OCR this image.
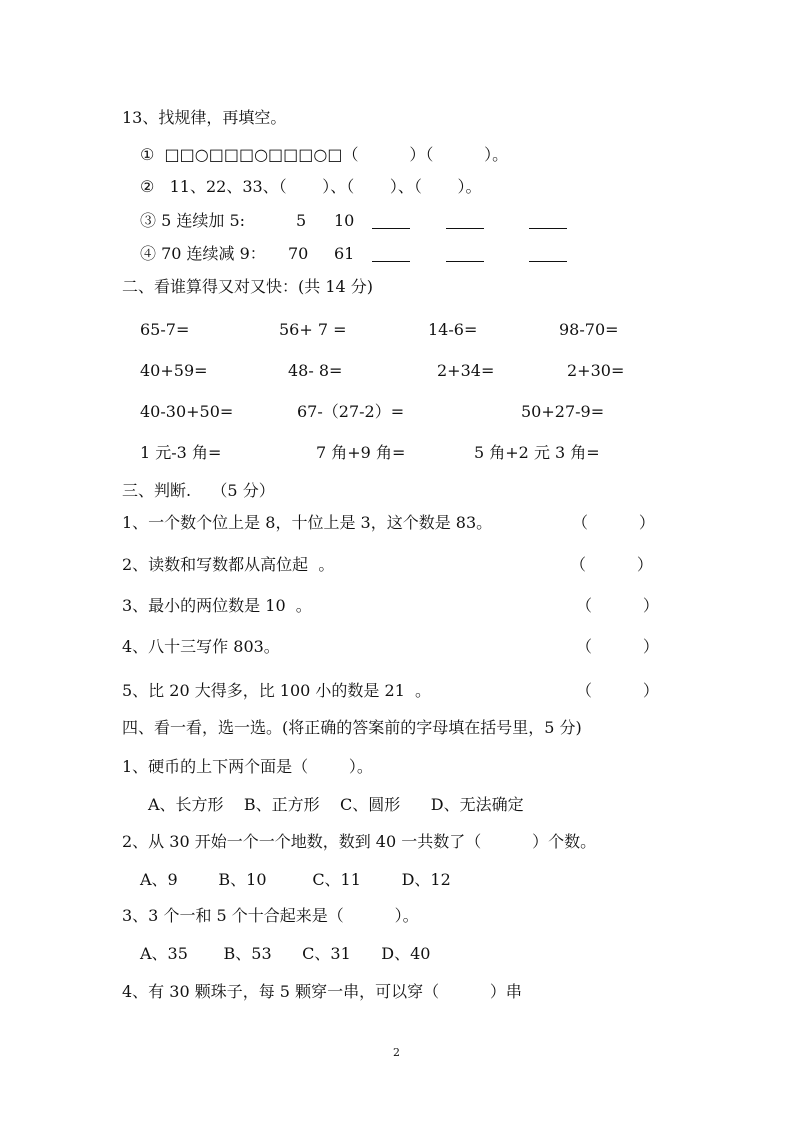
13、找规律，再填空。
①  □□○□□□○□□□○□（          ）（          ）。
②   11、22、33、（       ）、（       ）、（       ）。
③ 5 连续加 5:	5 10
④ 70 连续减 9： 70 61
二、看谁算得又对又快：(共 14 分)
65-7=	56+ 7 =	14-6=	98-70=
40+59=	48- 8=	2+34=	2+30=
40-30+50=	67-（27-2）=	50+27-9=
1 元-3 角=	7 角+9 角=	5 角+2 元 3 角=
三、判断.    （5 分）
1、一个数个位上是 8，十位上是 3，这个数是 83。	（          ）
2、读数和写数都从高位起  。	（          ）
3、最小的两位数是 10  。	（          ）
4、八十三写作 803。	（          ）
5、比 20 大得多，比 100 小的数是 21  。	（          ）
四、看一看，选一选。(将正确的答案前的字母填在括号里，5 分)
1、硬币的上下两个面是（        ）。
A、长方形    B、正方形    C、圆形      D、无法确定
2、从 30 开始一个一个地数，数到 40 一共数了（          ）个数。
A、9        B、10         C、11        D、12
3、3 个一和 5 个十合起来是（          ）。
A、35       B、53      C、31      D、40
4、有 30 颗珠子，每 5 颗穿一串，可以穿（          ）串
2
